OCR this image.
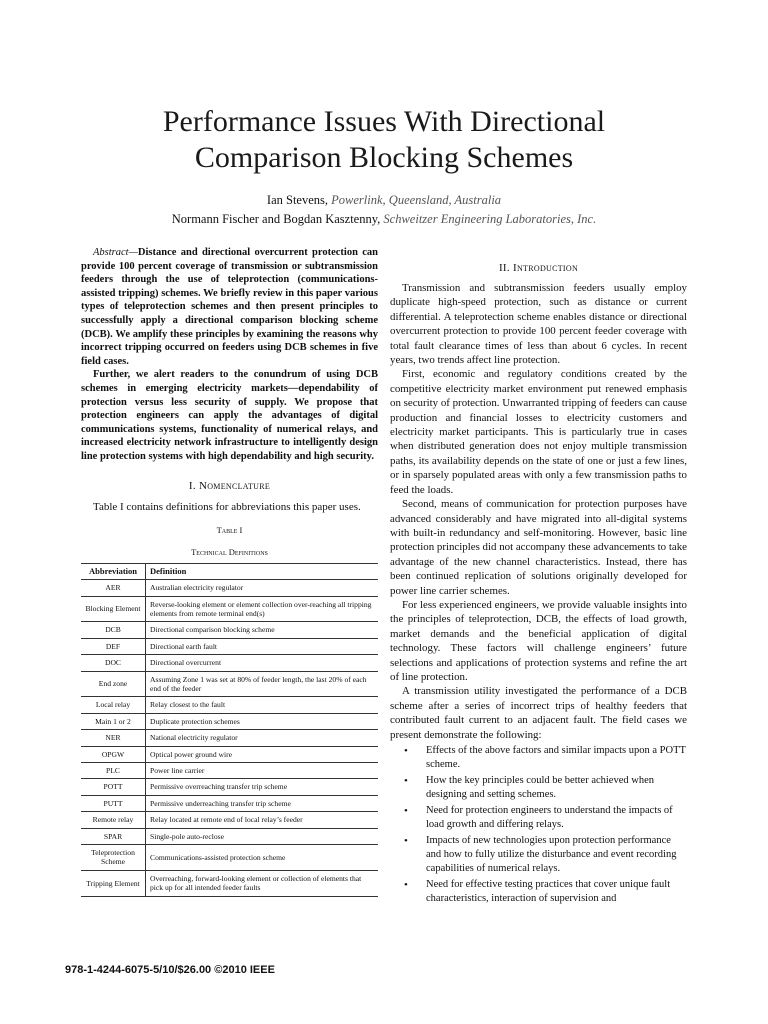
Performance Issues With Directional
Comparison Blocking Schemes
Ian Stevens, Powerlink, Queensland, Australia
Normann Fischer and Bogdan Kasztenny, Schweitzer Engineering Laboratories, Inc.

Abstract—Distance and directional overcurrent protection can provide 100 percent coverage of transmission or subtransmission feeders through the use of teleprotection (communications-assisted tripping) schemes. We briefly review in this paper various types of teleprotection schemes and then present principles to successfully apply a directional comparison blocking scheme (DCB). We amplify these principles by examining the reasons why incorrect tripping occurred on feeders using DCB schemes in five field cases.

Further, we alert readers to the conundrum of using DCB schemes in emerging electricity markets—dependability of protection versus less security of supply. We propose that protection engineers can apply the advantages of digital communications systems, functionality of numerical relays, and increased electricity network infrastructure to intelligently design line protection systems with high dependability and high security.

I. Nomenclature

Table I contains definitions for abbreviations this paper uses.

Table I
Technical Definitions
Abbreviation	Definition
AER	Australian electricity regulator
Blocking Element	Reverse-looking element or element collection over-reaching all tripping elements from remote terminal end(s)
DCB	Directional comparison blocking scheme
DEF	Directional earth fault
DOC	Directional overcurrent
End zone	Assuming Zone 1 was set at 80% of feeder length, the last 20% of each end of the feeder
Local relay	Relay closest to the fault
Main 1 or 2	Duplicate protection schemes
NER	National electricity regulator
OPGW	Optical power ground wire
PLC	Power line carrier
POTT	Permissive overreaching transfer trip scheme
PUTT	Permissive underreaching transfer trip scheme
Remote relay	Relay located at remote end of local relay’s feeder
SPAR	Single-pole auto-reclose
Teleprotection Scheme	Communications-assisted protection scheme
Tripping Element	Overreaching, forward-looking element or collection of elements that pick up for all intended feeder faults
II. Introduction

Transmission and subtransmission feeders usually employ duplicate high-speed protection, such as distance or current differential. A teleprotection scheme enables distance or directional overcurrent protection to provide 100 percent feeder coverage with total fault clearance times of less than about 6 cycles. In recent years, two trends affect line protection.

First, economic and regulatory conditions created by the competitive electricity market environment put renewed emphasis on security of protection. Unwarranted tripping of feeders can cause production and financial losses to electricity customers and electricity market participants. This is particularly true in cases when distributed generation does not enjoy multiple transmission paths, its availability depends on the state of one or just a few lines, or in sparsely populated areas with only a few transmission paths to feed the loads.

Second, means of communication for protection purposes have advanced considerably and have migrated into all-digital systems with built-in redundancy and self-monitoring. However, basic line protection principles did not accompany these advancements to take advantage of the new channel characteristics. Instead, there has been continued replication of solutions originally developed for power line carrier schemes.

For less experienced engineers, we provide valuable insights into the principles of teleprotection, DCB, the effects of load growth, market demands and the beneficial application of digital technology. These factors will challenge engineers’ future selections and applications of protection systems and refine the art of line protection.

A transmission utility investigated the performance of a DCB scheme after a series of incorrect trips of healthy feeders that contributed fault current to an adjacent fault. The field cases we present demonstrate the following:

• Effects of the above factors and similar impacts upon a POTT scheme.
• How the key principles could be better achieved when designing and setting schemes.
• Need for protection engineers to understand the impacts of load growth and differing relays.
• Impacts of new technologies upon protection performance and how to fully utilize the disturbance and event recording capabilities of numerical relays.
• Need for effective testing practices that cover unique fault characteristics, interaction of supervision and
978-1-4244-6075-5/10/$26.00 ©2010 IEEE
